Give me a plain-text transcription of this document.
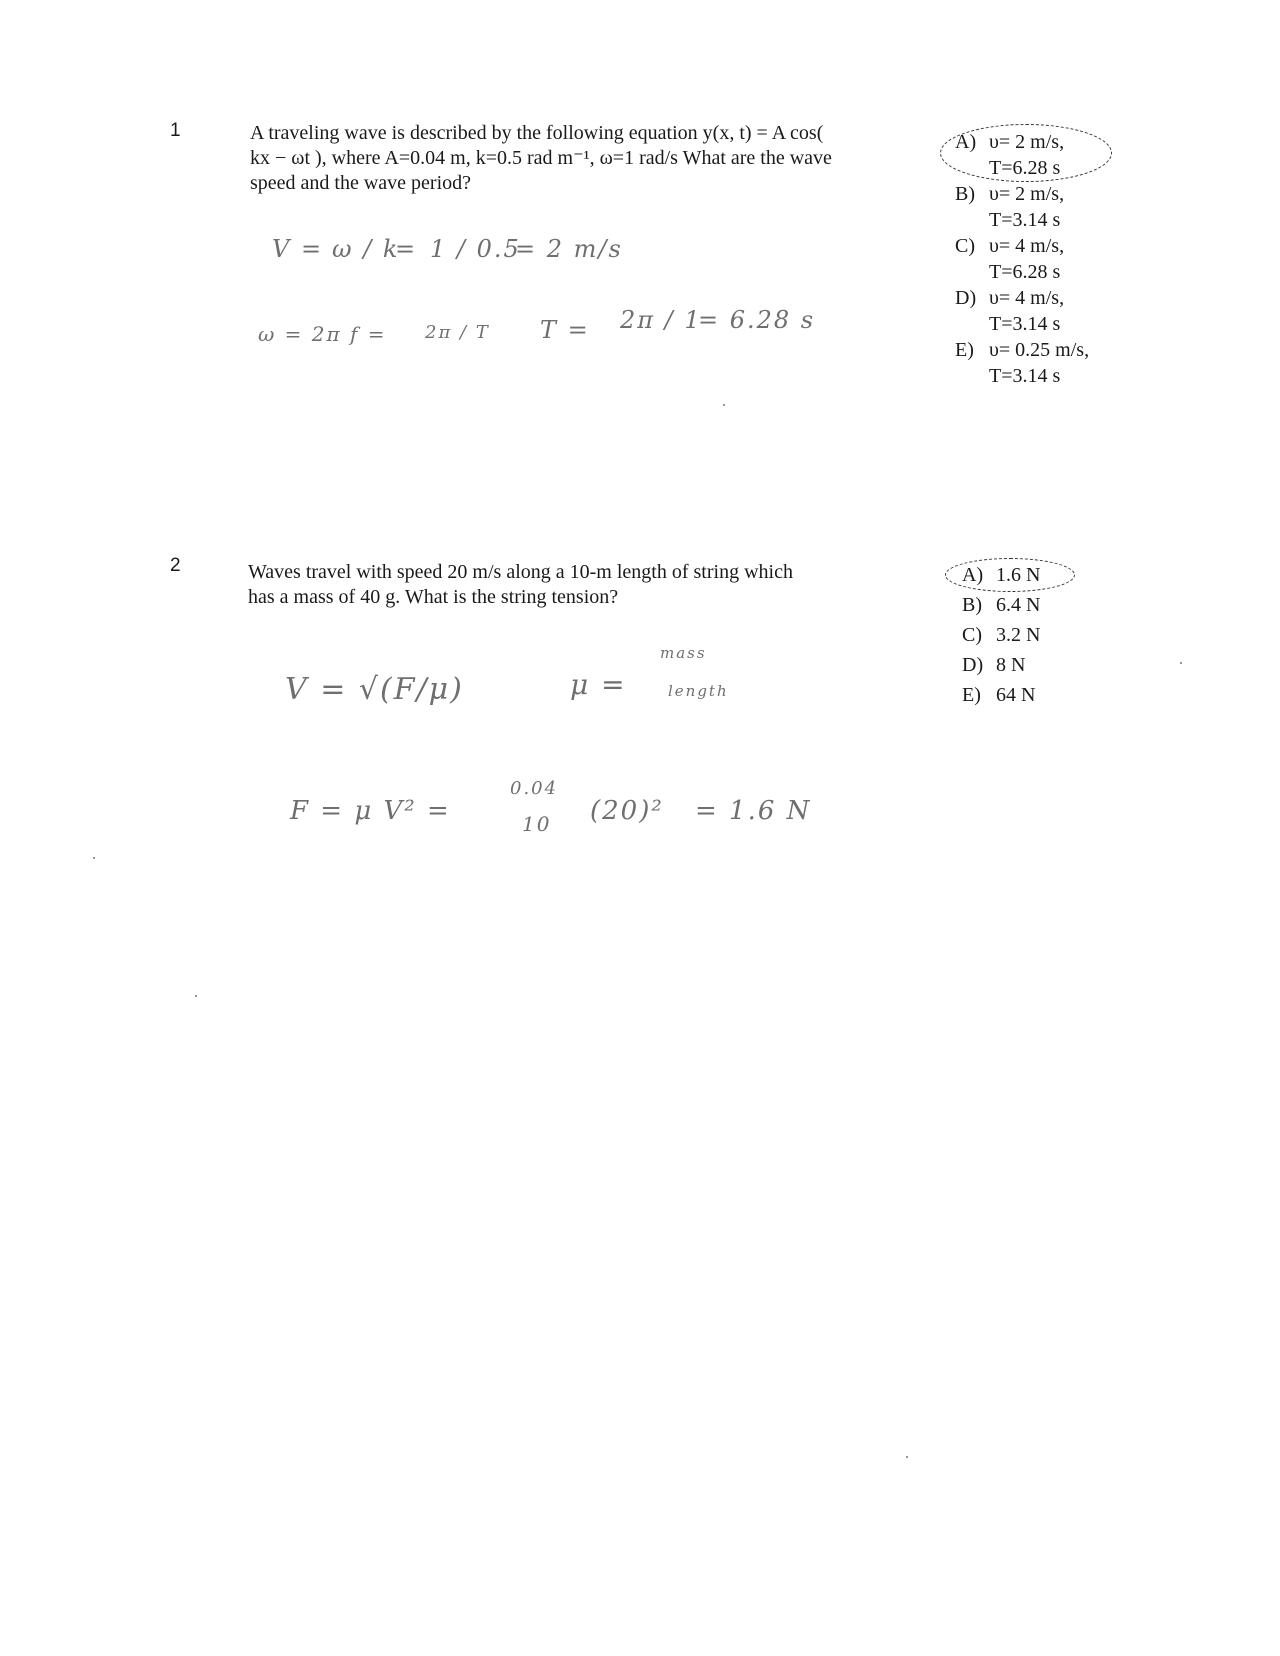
1	A traveling wave is described by the following equation y(x, t) = A cos(
kx − ωt ), where A=0.04 m, k=0.5 rad m⁻¹, ω=1 rad/s What are the wave
speed and the wave period?
A) υ= 2 m/s,
T=6.28 s
B) υ= 2 m/s,
T=3.14 s
C) υ= 4 m/s,
T=6.28 s
D) υ= 4 m/s,
T=3.14 s
E) υ= 0.25 m/s,
T=3.14 s
V = ω / k
= 1 / 0.5
= 2 m/s
ω = 2π f = 2π / T T = 2π / 1
= 6.28 s
2	Waves travel with speed 20 m/s along a 10-m length of string which
has a mass of 40 g. What is the string tension?
A) 1.6 N
B) 6.4 N
C) 3.2 N
D) 8 N
E) 64 N
V = √(F/μ)	μ =
mass
length
F = μ V² =
0.04
10 (20)² = 1.6 N
